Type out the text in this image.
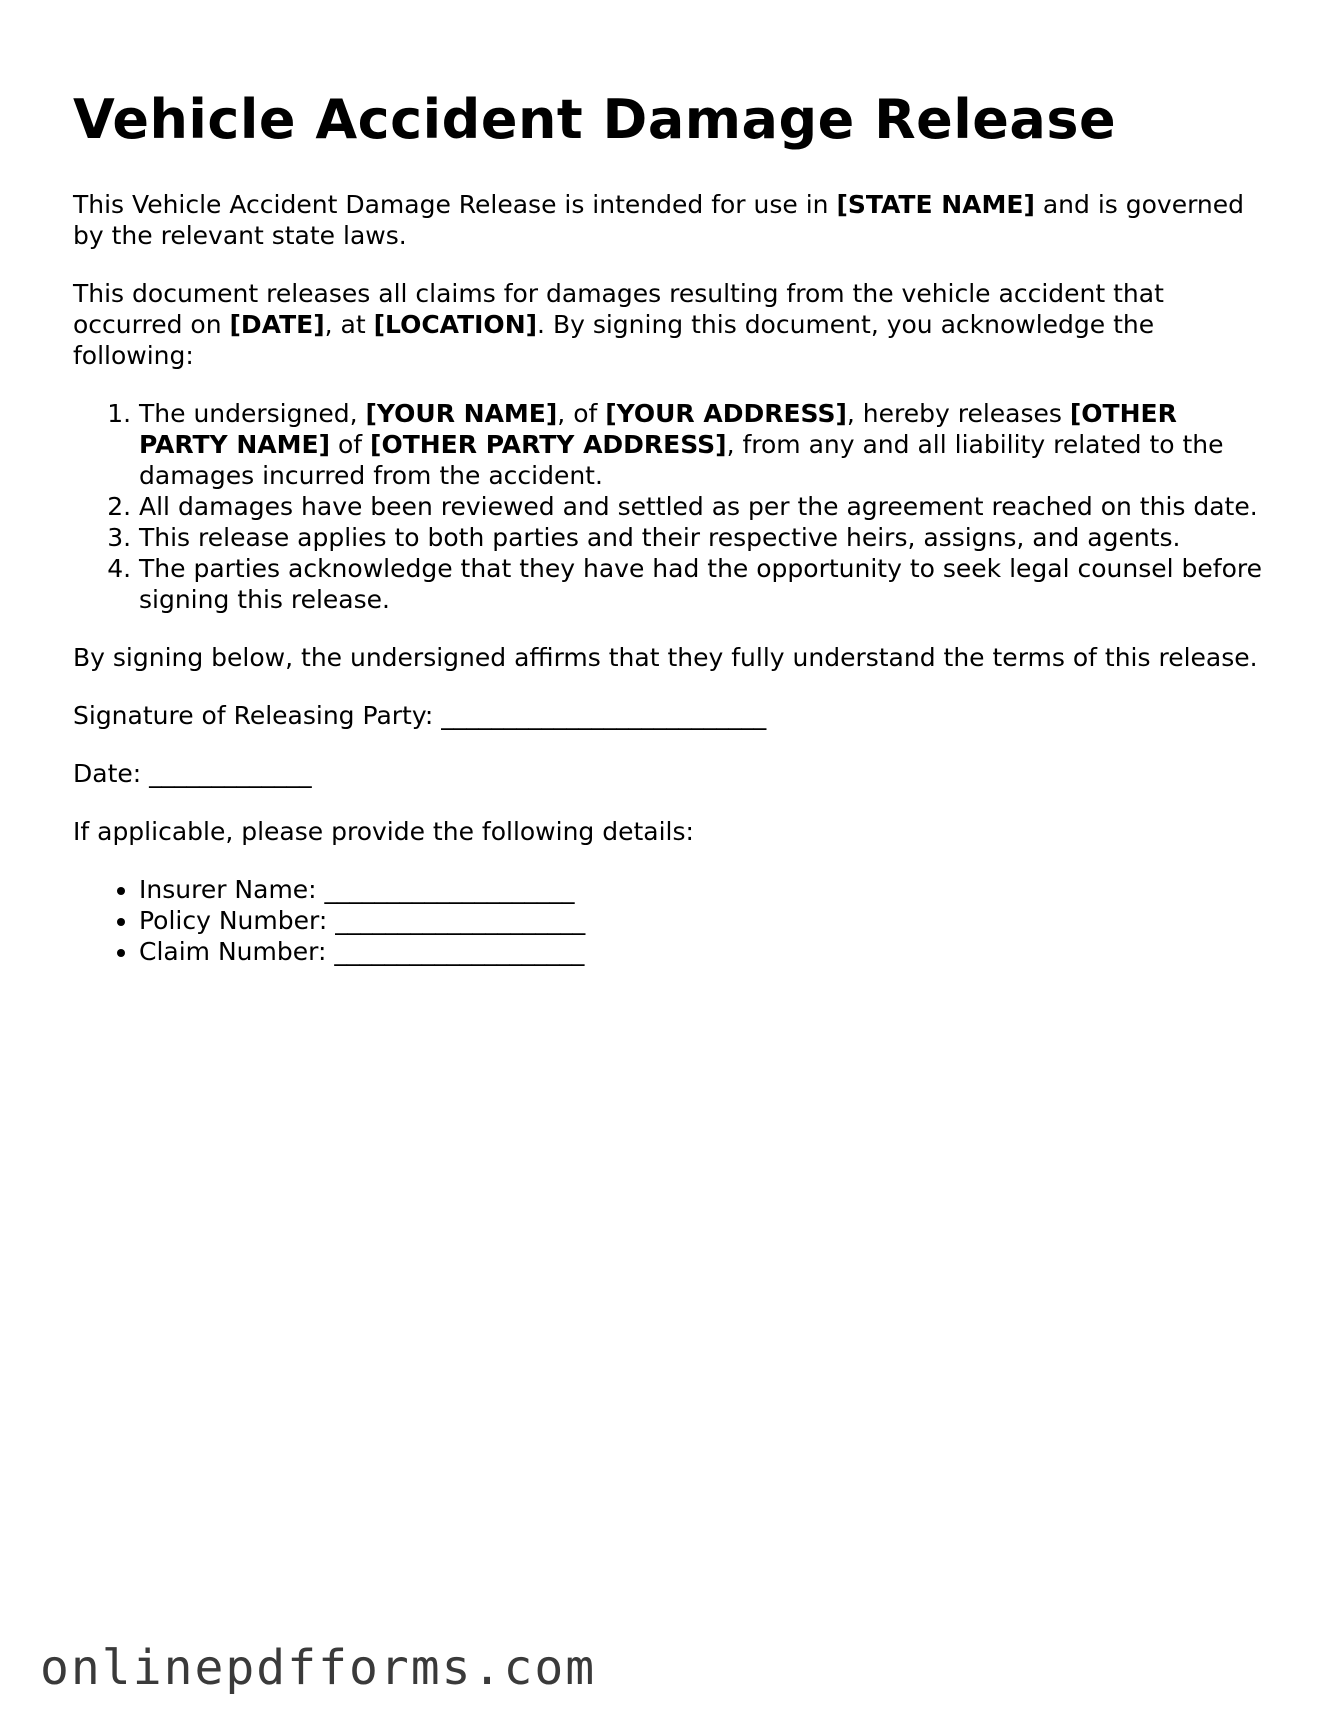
Vehicle Accident Damage Release

This Vehicle Accident Damage Release is intended for use in [STATE NAME] and is governed by the relevant state laws.

This document releases all claims for damages resulting from the vehicle accident that occurred on [DATE], at [LOCATION]. By signing this document, you acknowledge the following:

1. The undersigned, [YOUR NAME], of [YOUR ADDRESS], hereby releases [OTHER PARTY NAME] of [OTHER PARTY ADDRESS], from any and all liability related to the damages incurred from the accident.
2. All damages have been reviewed and settled as per the agreement reached on this date.
3. This release applies to both parties and their respective heirs, assigns, and agents.
4. The parties acknowledge that they have had the opportunity to seek legal counsel before signing this release.

By signing below, the undersigned affirms that they fully understand the terms of this release.

Signature of Releasing Party: __________________________

Date: _____________

If applicable, please provide the following details:

• Insurer Name: ____________________
• Policy Number: ____________________
• Claim Number: ____________________
onlinepdfforms.com
